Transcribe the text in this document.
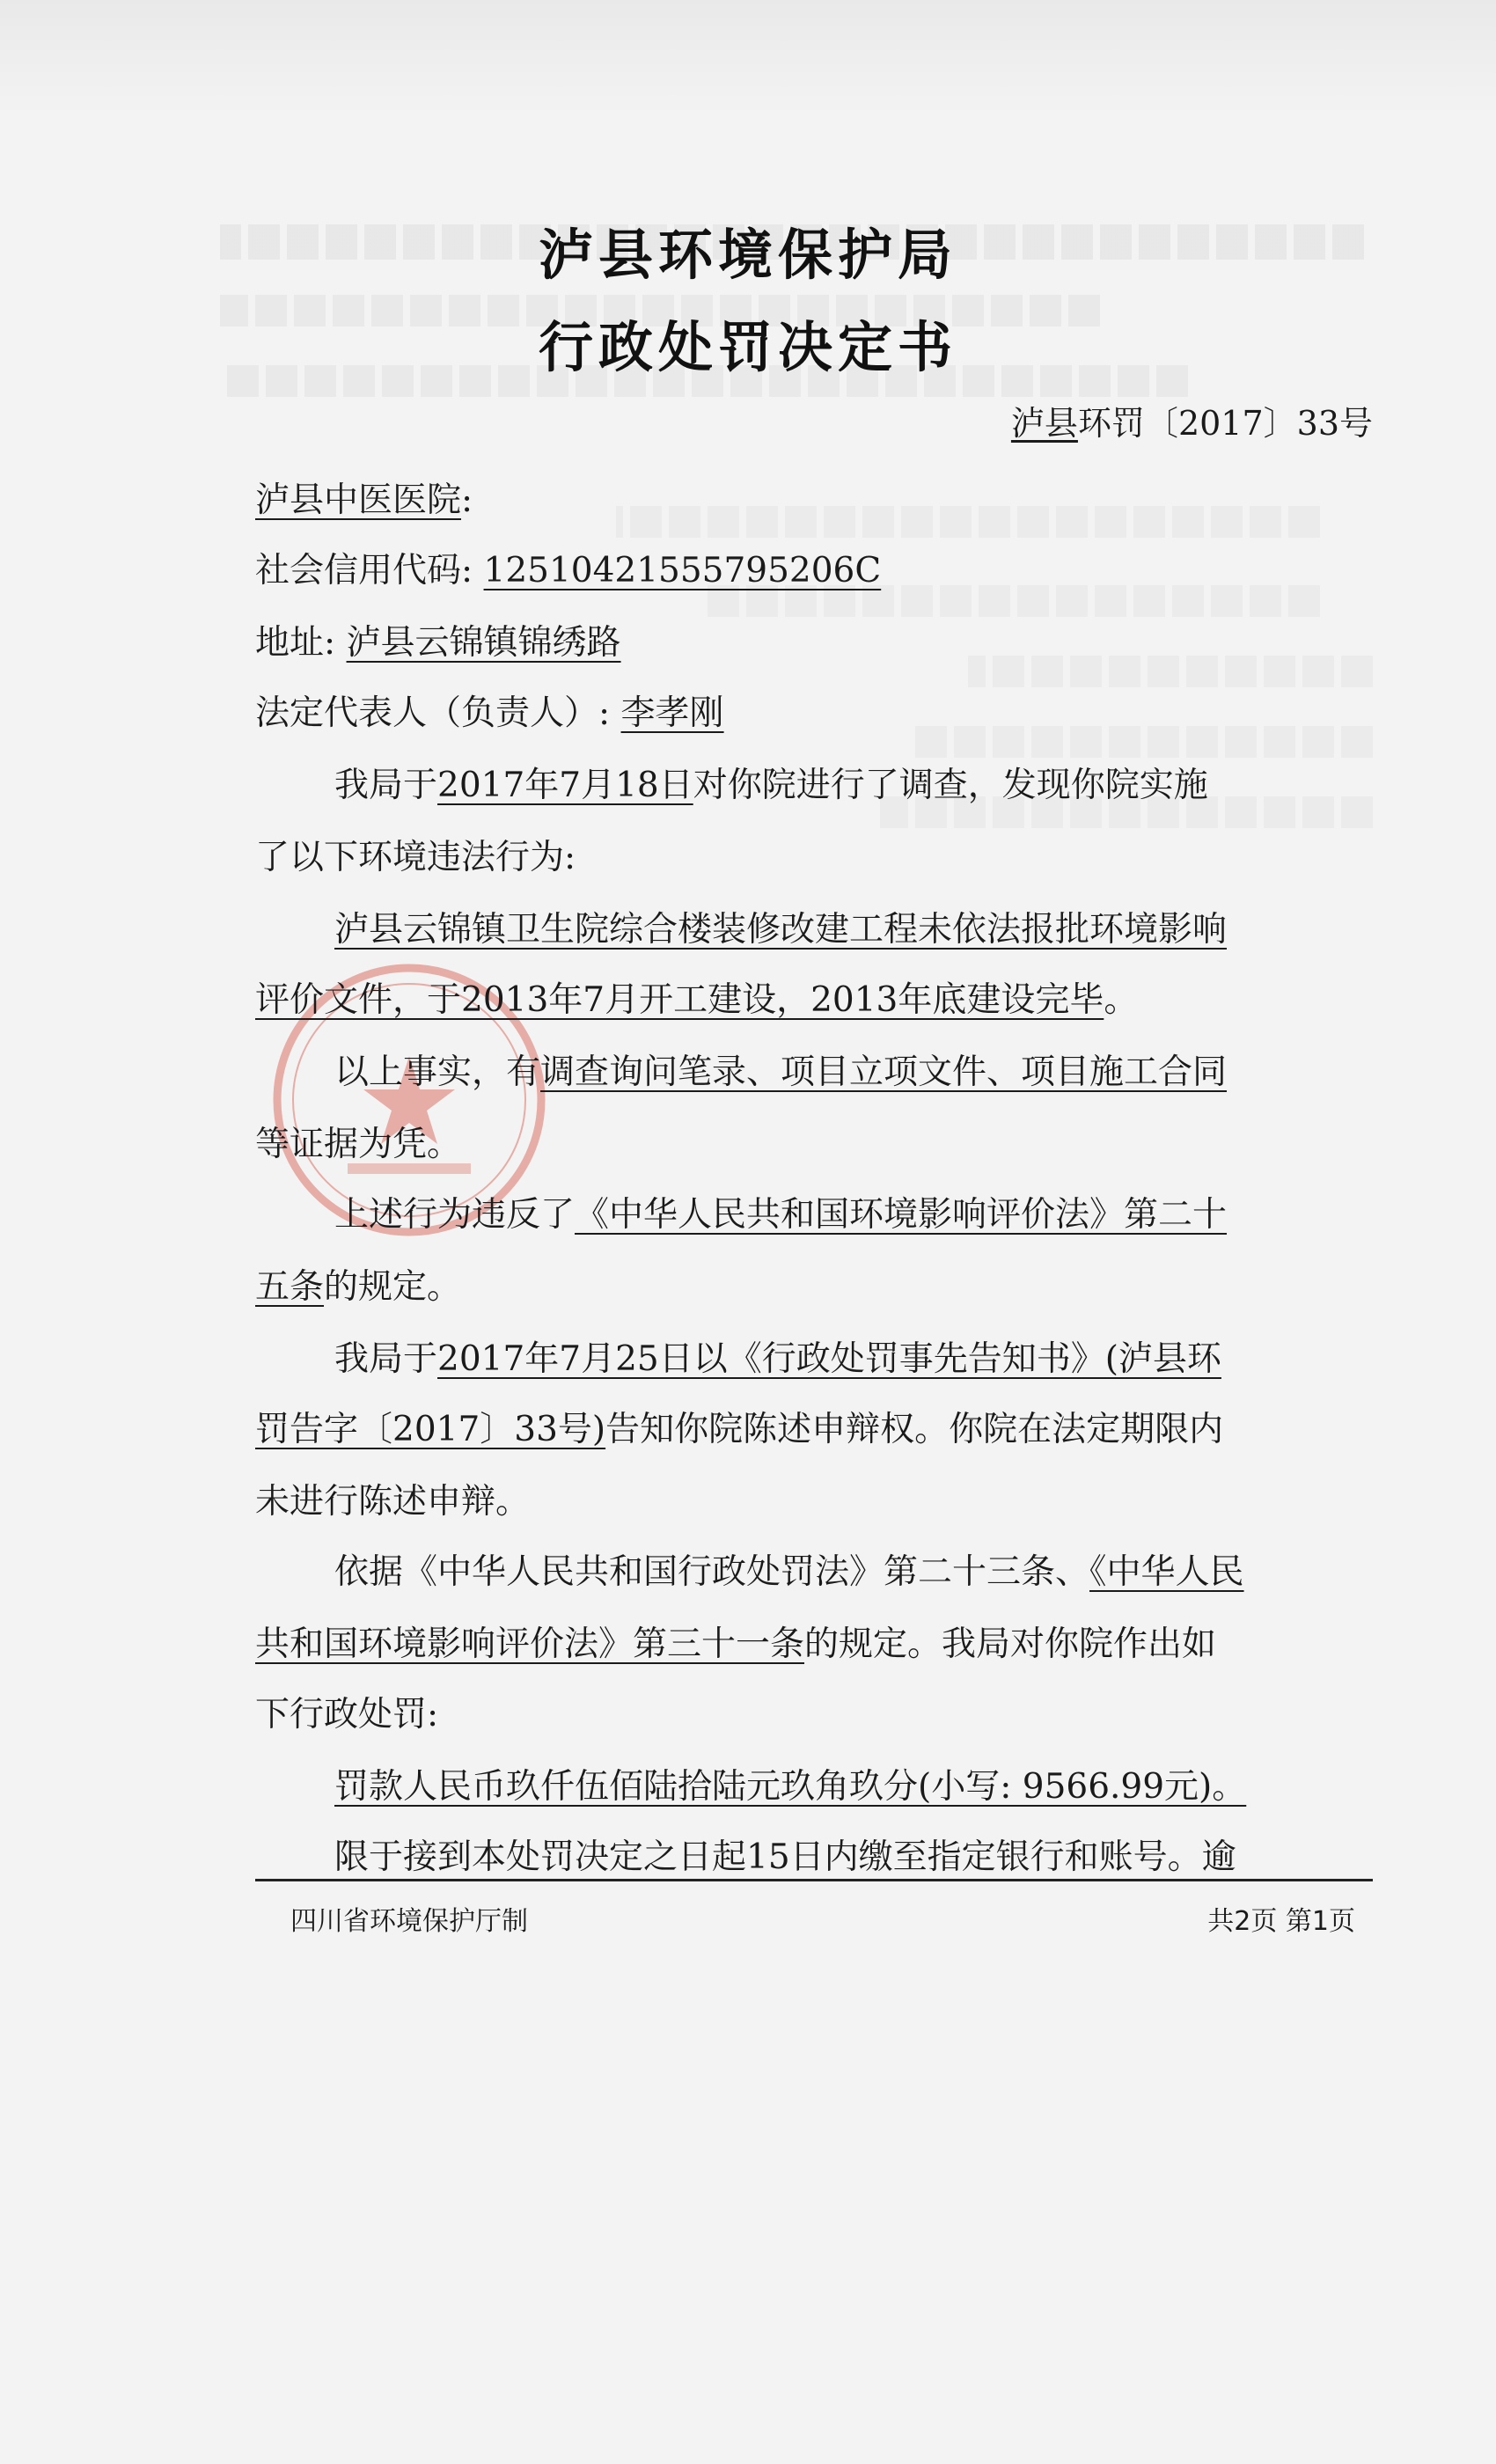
泸县环境保护局
行政处罚决定书
泸县环罚〔2017〕33号
泸县中医医院:
社会信用代码: 12510421555795206C
地址: 泸县云锦镇锦绣路
法定代表人（负责人）: 李孝刚
我局于2017年7月18日对你院进行了调查，发现你院实施
了以下环境违法行为:
泸县云锦镇卫生院综合楼装修改建工程未依法报批环境影响
评价文件，于2013年7月开工建设，2013年底建设完毕。
以上事实，有调查询问笔录、项目立项文件、项目施工合同
等证据为凭。
上述行为违反了《中华人民共和国环境影响评价法》第二十
五条的规定。
我局于2017年7月25日以《行政处罚事先告知书》(泸县环
罚告字〔2017〕33号)告知你院陈述申辩权。你院在法定期限内
未进行陈述申辩。
依据《中华人民共和国行政处罚法》第二十三条、《中华人民
共和国环境影响评价法》第三十一条的规定。我局对你院作出如
下行政处罚:
罚款人民币玖仟伍佰陆拾陆元玖角玖分(小写: 9566.99元)。
限于接到本处罚决定之日起15日内缴至指定银行和账号。逾
四川省环境保护厅制	共2页 第1页
